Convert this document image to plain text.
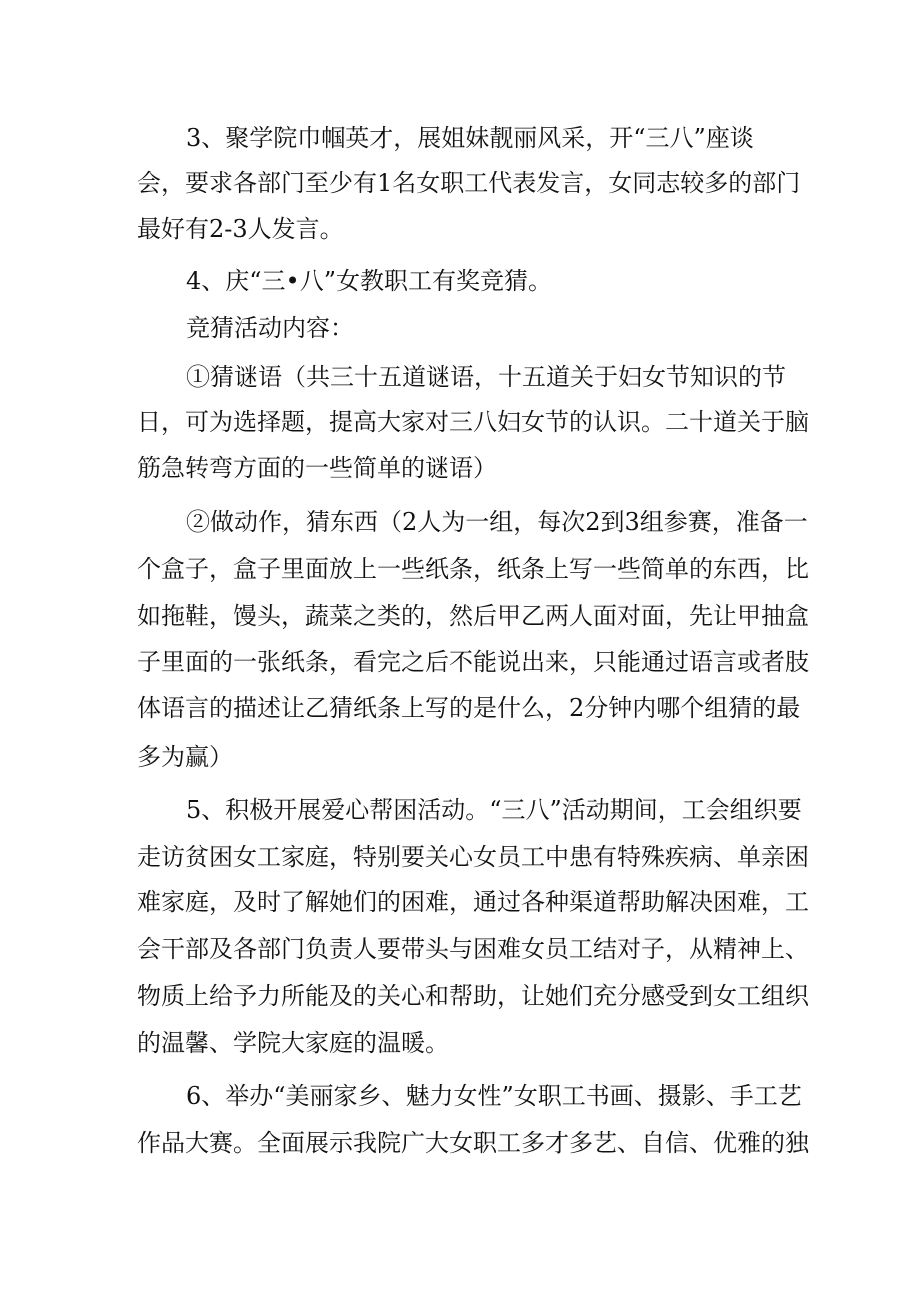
3、聚学院巾帼英才，展姐妹靓丽风采，开“三八”座谈

会，要求各部门至少有1名女职工代表发言，女同志较多的部门

最好有2-3人发言。

4、庆“三•八”女教职工有奖竞猜。

竞猜活动内容：

①猜谜语（共三十五道谜语，十五道关于妇女节知识的节

日，可为选择题，提高大家对三八妇女节的认识。二十道关于脑

筋急转弯方面的一些简单的谜语）

②做动作，猜东西（2人为一组，每次2到3组参赛，准备一

个盒子，盒子里面放上一些纸条，纸条上写一些简单的东西，比

如拖鞋，馒头，蔬菜之类的，然后甲乙两人面对面，先让甲抽盒

子里面的一张纸条，看完之后不能说出来，只能通过语言或者肢

体语言的描述让乙猜纸条上写的是什么，2分钟内哪个组猜的最

多为赢）

5、积极开展爱心帮困活动。“三八”活动期间，工会组织要

走访贫困女工家庭，特别要关心女员工中患有特殊疾病、单亲困

难家庭，及时了解她们的困难，通过各种渠道帮助解决困难，工

会干部及各部门负责人要带头与困难女员工结对子，从精神上、

物质上给予力所能及的关心和帮助，让她们充分感受到女工组织

的温馨、学院大家庭的温暖。

6、举办“美丽家乡、魅力女性”女职工书画、摄影、手工艺

作品大赛。全面展示我院广大女职工多才多艺、自信、优雅的独
